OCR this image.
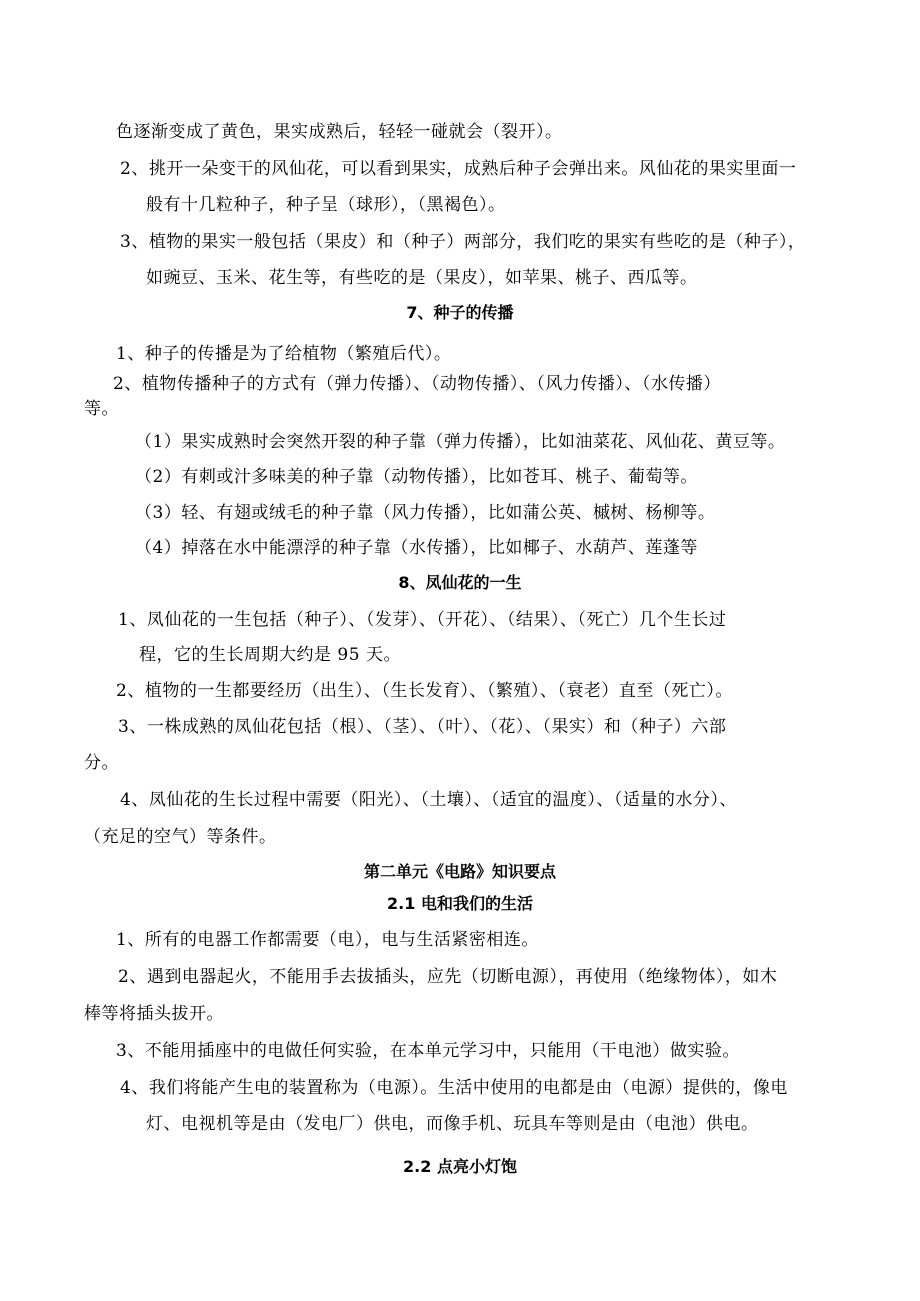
色逐渐变成了黄色，果实成熟后，轻轻一碰就会（裂开）。
2、挑开一朵变干的风仙花，可以看到果实，成熟后种子会弹出来。风仙花的果实里面一
般有十几粒种子，种子呈（球形），（黑褐色）。
3、植物的果实一般包括（果皮）和（种子）两部分，我们吃的果实有些吃的是（种子），
如豌豆、玉米、花生等，有些吃的是（果皮），如苹果、桃子、西瓜等。
7、种子的传播
1、种子的传播是为了给植物（繁殖后代）。
2、植物传播种子的方式有（弹力传播）、（动物传播）、（风力传播）、（水传播）
等。
（1）果实成熟时会突然开裂的种子靠（弹力传播），比如油菜花、风仙花、黄豆等。
（2）有刺或汁多味美的种子靠（动物传播），比如苍耳、桃子、葡萄等。
（3）轻、有翅或绒毛的种子靠（风力传播），比如蒲公英、槭树、杨柳等。
（4）掉落在水中能漂浮的种子靠（水传播），比如椰子、水葫芦、莲蓬等
8、凤仙花的一生
1、凤仙花的一生包括（种子）、（发芽）、（开花）、（结果）、（死亡）几个生长过
程，它的生长周期大约是 95 天。
2、植物的一生都要经历（出生）、（生长发育）、（繁殖）、（衰老）直至（死亡）。
3、一株成熟的凤仙花包括（根）、（茎）、（叶）、（花）、（果实）和（种子）六部
分。
4、凤仙花的生长过程中需要（阳光）、（土壤）、（适宜的温度）、（适量的水分）、
（充足的空气）等条件。
第二单元《电路》知识要点
2.1 电和我们的生活
1、所有的电器工作都需要（电），电与生活紧密相连。
2、遇到电器起火，不能用手去拔插头，应先（切断电源），再使用（绝缘物体），如木
棒等将插头拔开。
3、不能用插座中的电做任何实验，在本单元学习中，只能用（干电池）做实验。
4、我们将能产生电的装置称为（电源）。生活中使用的电都是由（电源）提供的，像电
灯、电视机等是由（发电厂）供电，而像手机、玩具车等则是由（电池）供电。
2.2 点亮小灯饱
